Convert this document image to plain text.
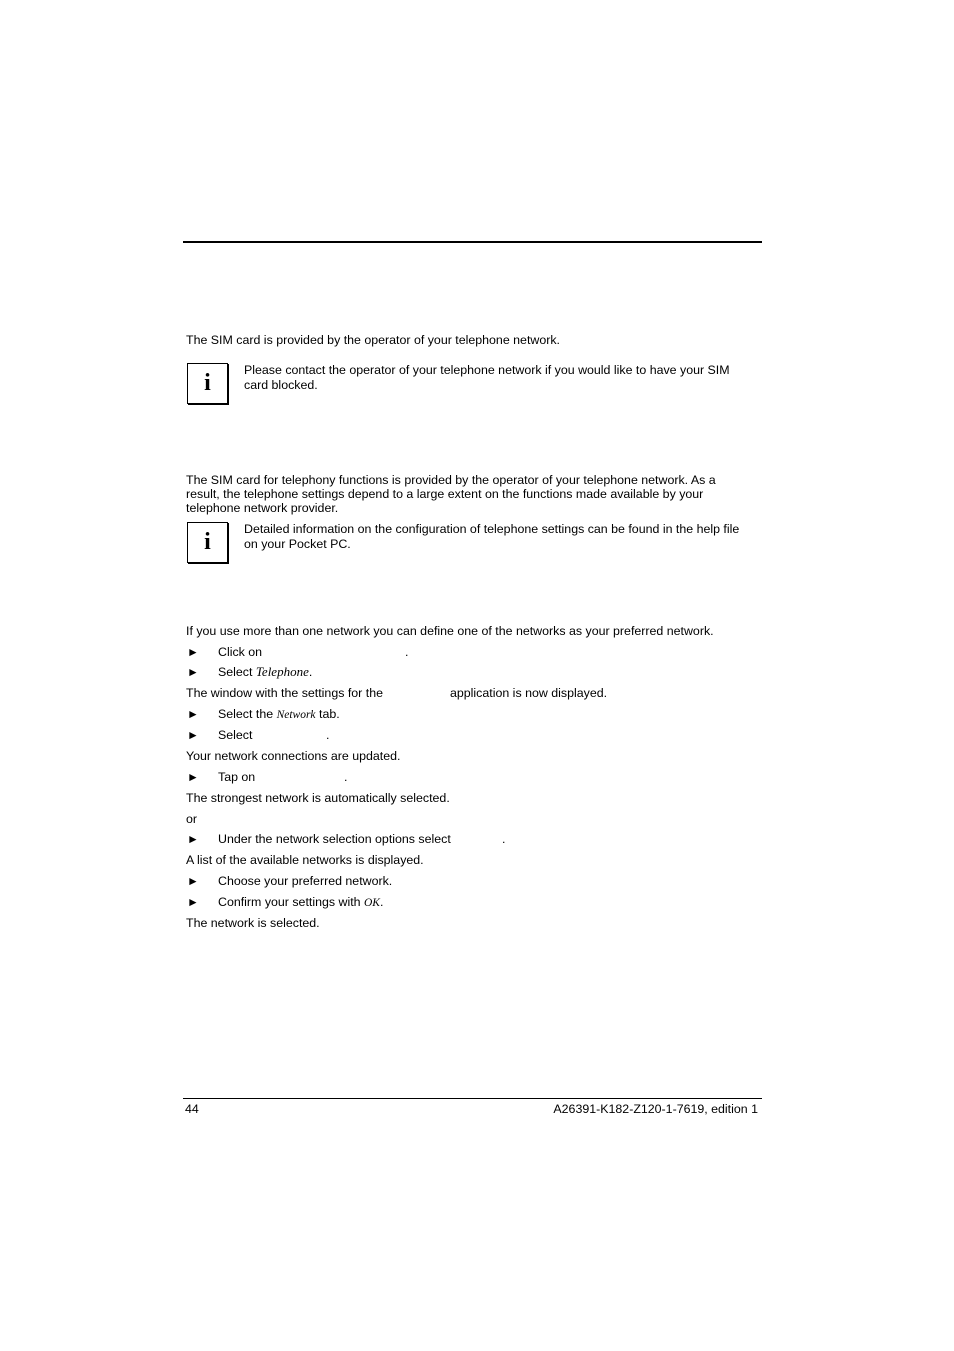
The SIM card is provided by the operator of your telephone network.
i	Please contact the operator of your telephone network if you would like to have your SIM
card blocked.
The SIM card for telephony functions is provided by the operator of your telephone network. As a
result, the telephone settings depend to a large extent on the functions made available by your
telephone network provider.
i	Detailed information on the configuration of telephone settings can be found in the help file
on your Pocket PC.
If you use more than one network you can define one of the networks as your preferred network.
► Click on	.
► Select Telephone.
The window with the settings for the	application is now displayed.
► Select the Network tab.
► Select	.
Your network connections are updated.
► Tap on	.
The strongest network is automatically selected.
or
► Under the network selection options select	.
A list of the available networks is displayed.
► Choose your preferred network.
► Confirm your settings with OK.
The network is selected.
44	A26391-K182-Z120-1-7619, edition 1
